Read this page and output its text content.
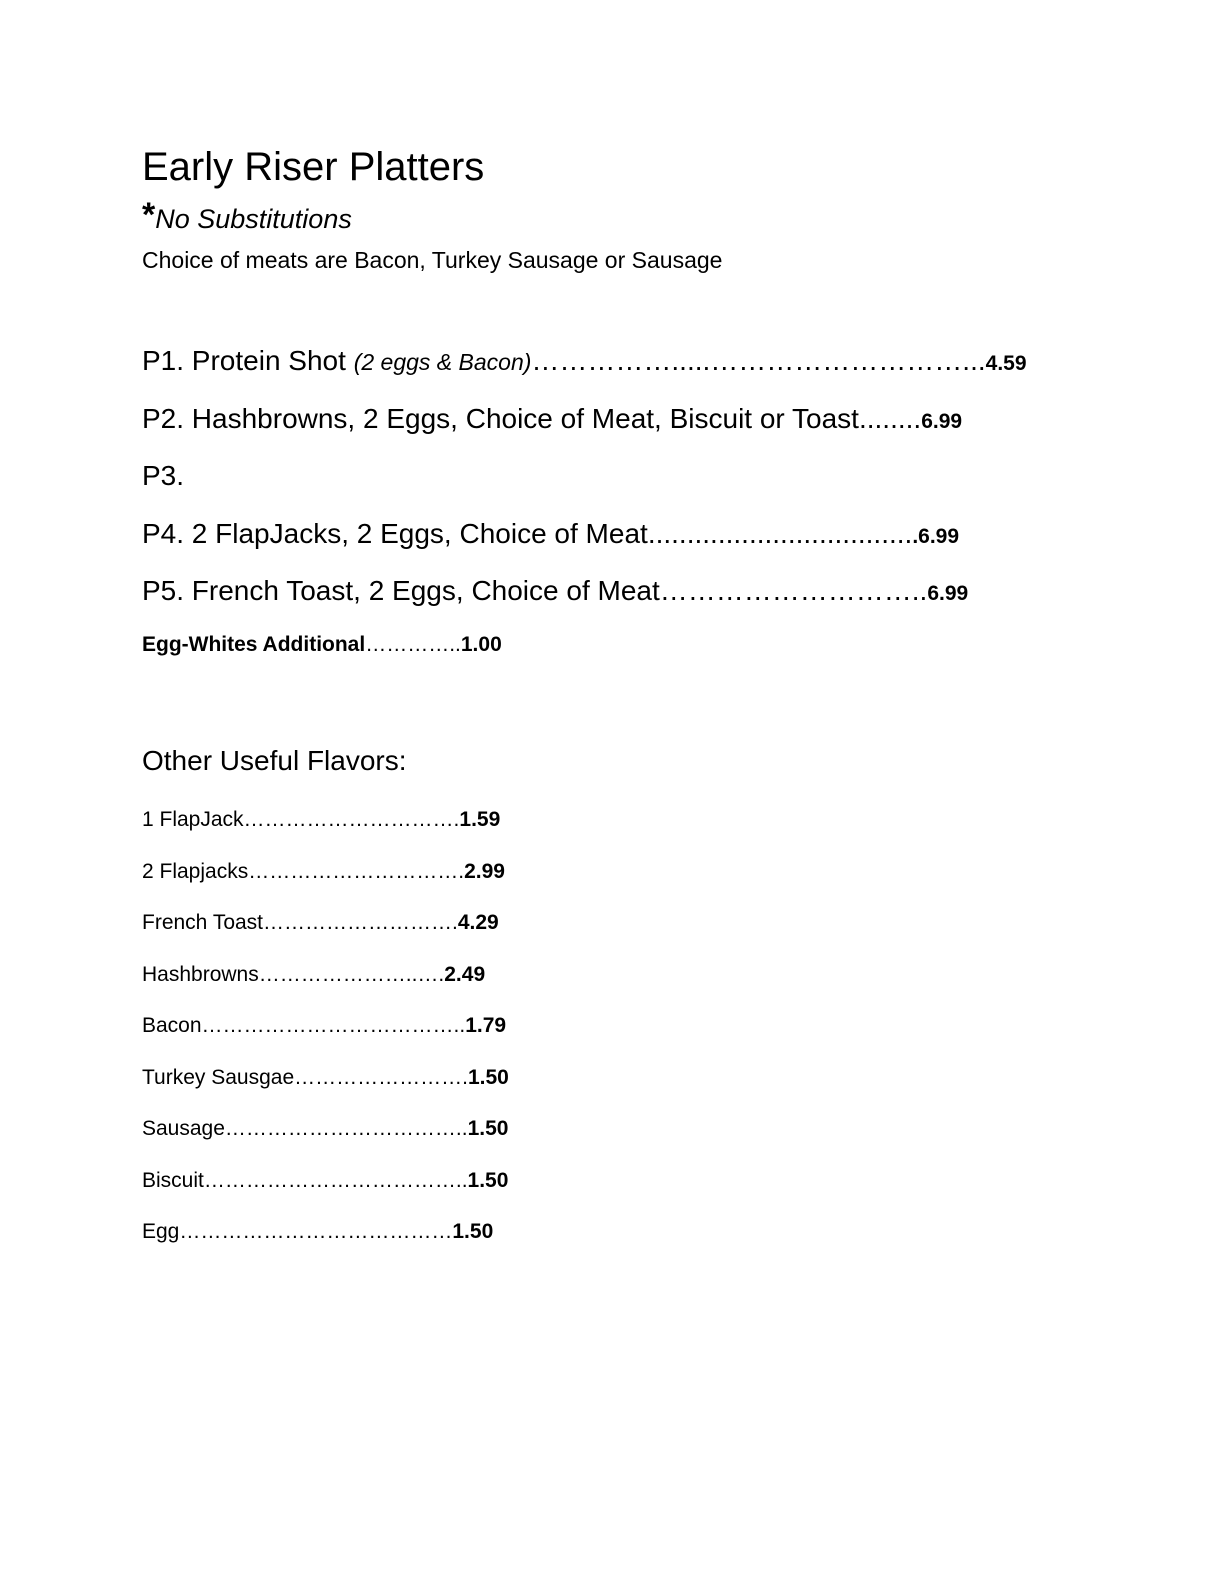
Early Riser Platters
*No Substitutions
Choice of meats are Bacon, Turkey Sausage or Sausage
P1. Protein Shot (2 eggs & Bacon)…………….....………………………...4.59
P2. Hashbrowns, 2 Eggs, Choice of Meat, Biscuit or Toast........6.99
P3.
P4. 2 FlapJacks, 2 Eggs, Choice of Meat...................................6.99
P5. French Toast, 2 Eggs, Choice of Meat………………………..6.99
Egg-Whites Additional…………..1.00
Other Useful Flavors:
1 FlapJack………………………….1.59
2 Flapjacks………………………….2.99
French Toast……………………….4.29
Hashbrowns…………………..….2.49
Bacon………………………………..1.79
Turkey Sausgae…………………….1.50
Sausage……………………………..1.50
Biscuit………………………………..1.50
Egg…………………………………1.50
